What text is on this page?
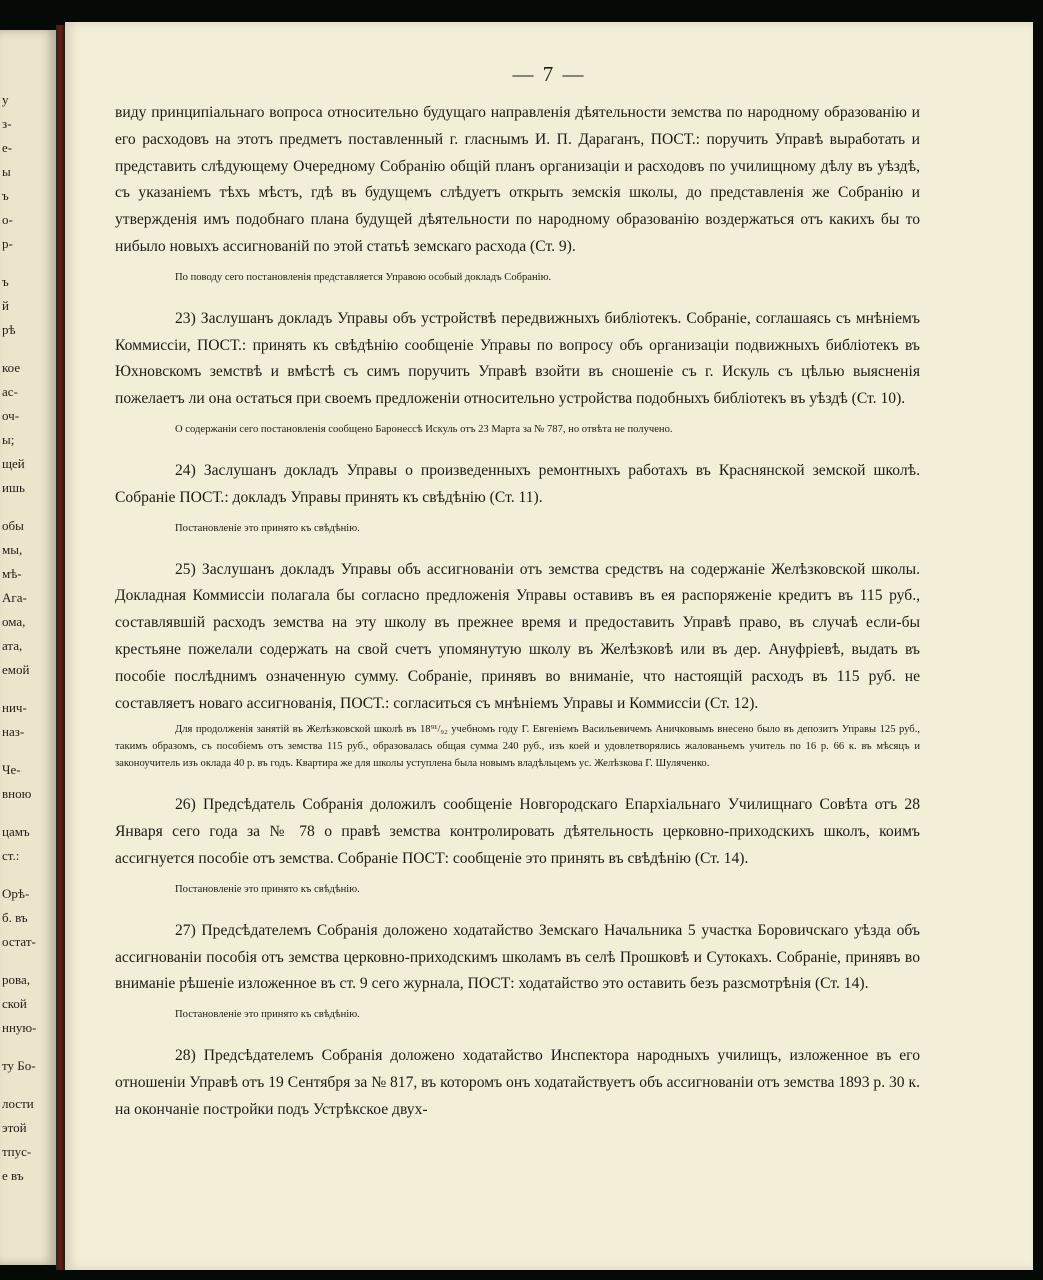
у
з-
е-
ы
ъ
о-
р-
ъ
й
рѣ
кое
ас-
оч-
ы;
щей
ишь
обы
мы,
мѣ-
Ага-
ома,
ата,
емой
нич-
наз-
Че-
вною
цамъ
ст.:
Орѣ-
б. въ
остат-
рова,
ской
нную-
ту Бо-
лости
этой
тпус-
е въ
— 7 —

виду принципіальнаго вопроса относительно будущаго направленія дѣятельности земства по народному образованію и его расходовъ на этотъ предметъ поставленный г. гласнымъ И. П. Дараганъ, ПОСТ.: поручить Управѣ выработать и представить слѣдующему Очередному Собранію общій планъ организаціи и расходовъ по училищному дѣлу въ уѣздѣ, съ указаніемъ тѣхъ мѣстъ, гдѣ въ будущемъ слѣдуетъ открыть земскія школы, до представленія же Собранію и утвержденія имъ подобнаго плана будущей дѣятельности по народному образованію воздержаться отъ какихъ бы то нибыло новыхъ ассигнованій по этой статьѣ земскаго расхода (Ст. 9).

По поводу сего постановленія представляется Управою особый докладъ Собранію.

23) Заслушанъ докладъ Управы объ устройствѣ передвижныхъ библіотекъ. Собраніе, соглашаясь съ мнѣніемъ Коммиссіи, ПОСТ.: принять къ свѣдѣнію сообщеніе Управы по вопросу объ организаціи подвижныхъ библіотекъ въ Юхновскомъ земствѣ и вмѣстѣ съ симъ поручить Управѣ взойти въ сношеніе съ г. Искуль съ цѣлью выясненія пожелаетъ ли она остаться при своемъ предложеніи относительно устройства подобныхъ библіотекъ въ уѣздѣ (Ст. 10).

О содержаніи сего постановленія сообщено Баронессѣ Искуль отъ 23 Марта за № 787, но отвѣта не получено.

24) Заслушанъ докладъ Управы о произведенныхъ ремонтныхъ работахъ въ Краснянской земской школѣ. Собраніе ПОСТ.: докладъ Управы принять къ свѣдѣнію (Ст. 11).

Постановленіе это принято къ свѣдѣнію.

25) Заслушанъ докладъ Управы объ ассигнованіи отъ земства средствъ на содержаніе Желѣзковской школы. Докладная Коммиссіи полагала бы согласно предложенія Управы оставивъ въ ея распоряженіе кредитъ въ 115 руб., составлявшій расходъ земства на эту школу въ прежнее время и предоставить Управѣ право, въ случаѣ если-бы крестьяне пожелали содержать на свой счетъ упомянутую школу въ Желѣзковѣ или въ дер. Ануфріевѣ, выдать въ пособіе послѣднимъ означенную сумму. Собраніе, принявъ во вниманіе, что настоящій расходъ въ 115 руб. не составляетъ новаго ассигнованія, ПОСТ.: согласиться съ мнѣніемъ Управы и Коммиссіи (Ст. 12).

Для продолженія занятій въ Желѣзковской школѣ въ 18⁹¹/₉₂ учебномъ году Г. Евгеніемъ Васильевичемъ Аничковымъ внесено было въ депозитъ Управы 125 руб., такимъ образомъ, съ пособіемъ отъ земства 115 руб., образовалась общая сумма 240 руб., изъ коей и удовлетворялись жалованьемъ учитель по 16 р. 66 к. въ мѣсяцъ и законоучитель изъ оклада 40 р. въ годъ. Квартира же для школы уступлена была новымъ владѣльцемъ ус. Желѣзкова Г. Шуляченко.

26) Предсѣдатель Собранія доложилъ сообщеніе Новгородскаго Епархіальнаго Училищнаго Совѣта отъ 28 Января сего года за № 78 о правѣ земства контролировать дѣятельность церковно-приходскихъ школъ, коимъ ассигнуется пособіе отъ земства. Собраніе ПОСТ: сообщеніе это принять въ свѣдѣнію (Ст. 14).

Постановленіе это принято къ свѣдѣнію.

27) Предсѣдателемъ Собранія доложено ходатайство Земскаго Начальника 5 участка Боровичскаго уѣзда объ ассигнованіи пособія отъ земства церковно-приходскимъ школамъ въ селѣ Прошковѣ и Сутокахъ. Собраніе, принявъ во вниманіе рѣшеніе изложенное въ ст. 9 сего журнала, ПОСТ: ходатайство это оставить безъ разсмотрѣнія (Ст. 14).

Постановленіе это принято къ свѣдѣнію.

28) Предсѣдателемъ Собранія доложено ходатайство Инспектора народныхъ училищъ, изложенное въ его отношеніи Управѣ отъ 19 Сентября за № 817, въ которомъ онъ ходатайствуетъ объ ассигнованіи отъ земства 1893 р. 30 к. на окончаніе постройки подъ Устрѣкское двух-
